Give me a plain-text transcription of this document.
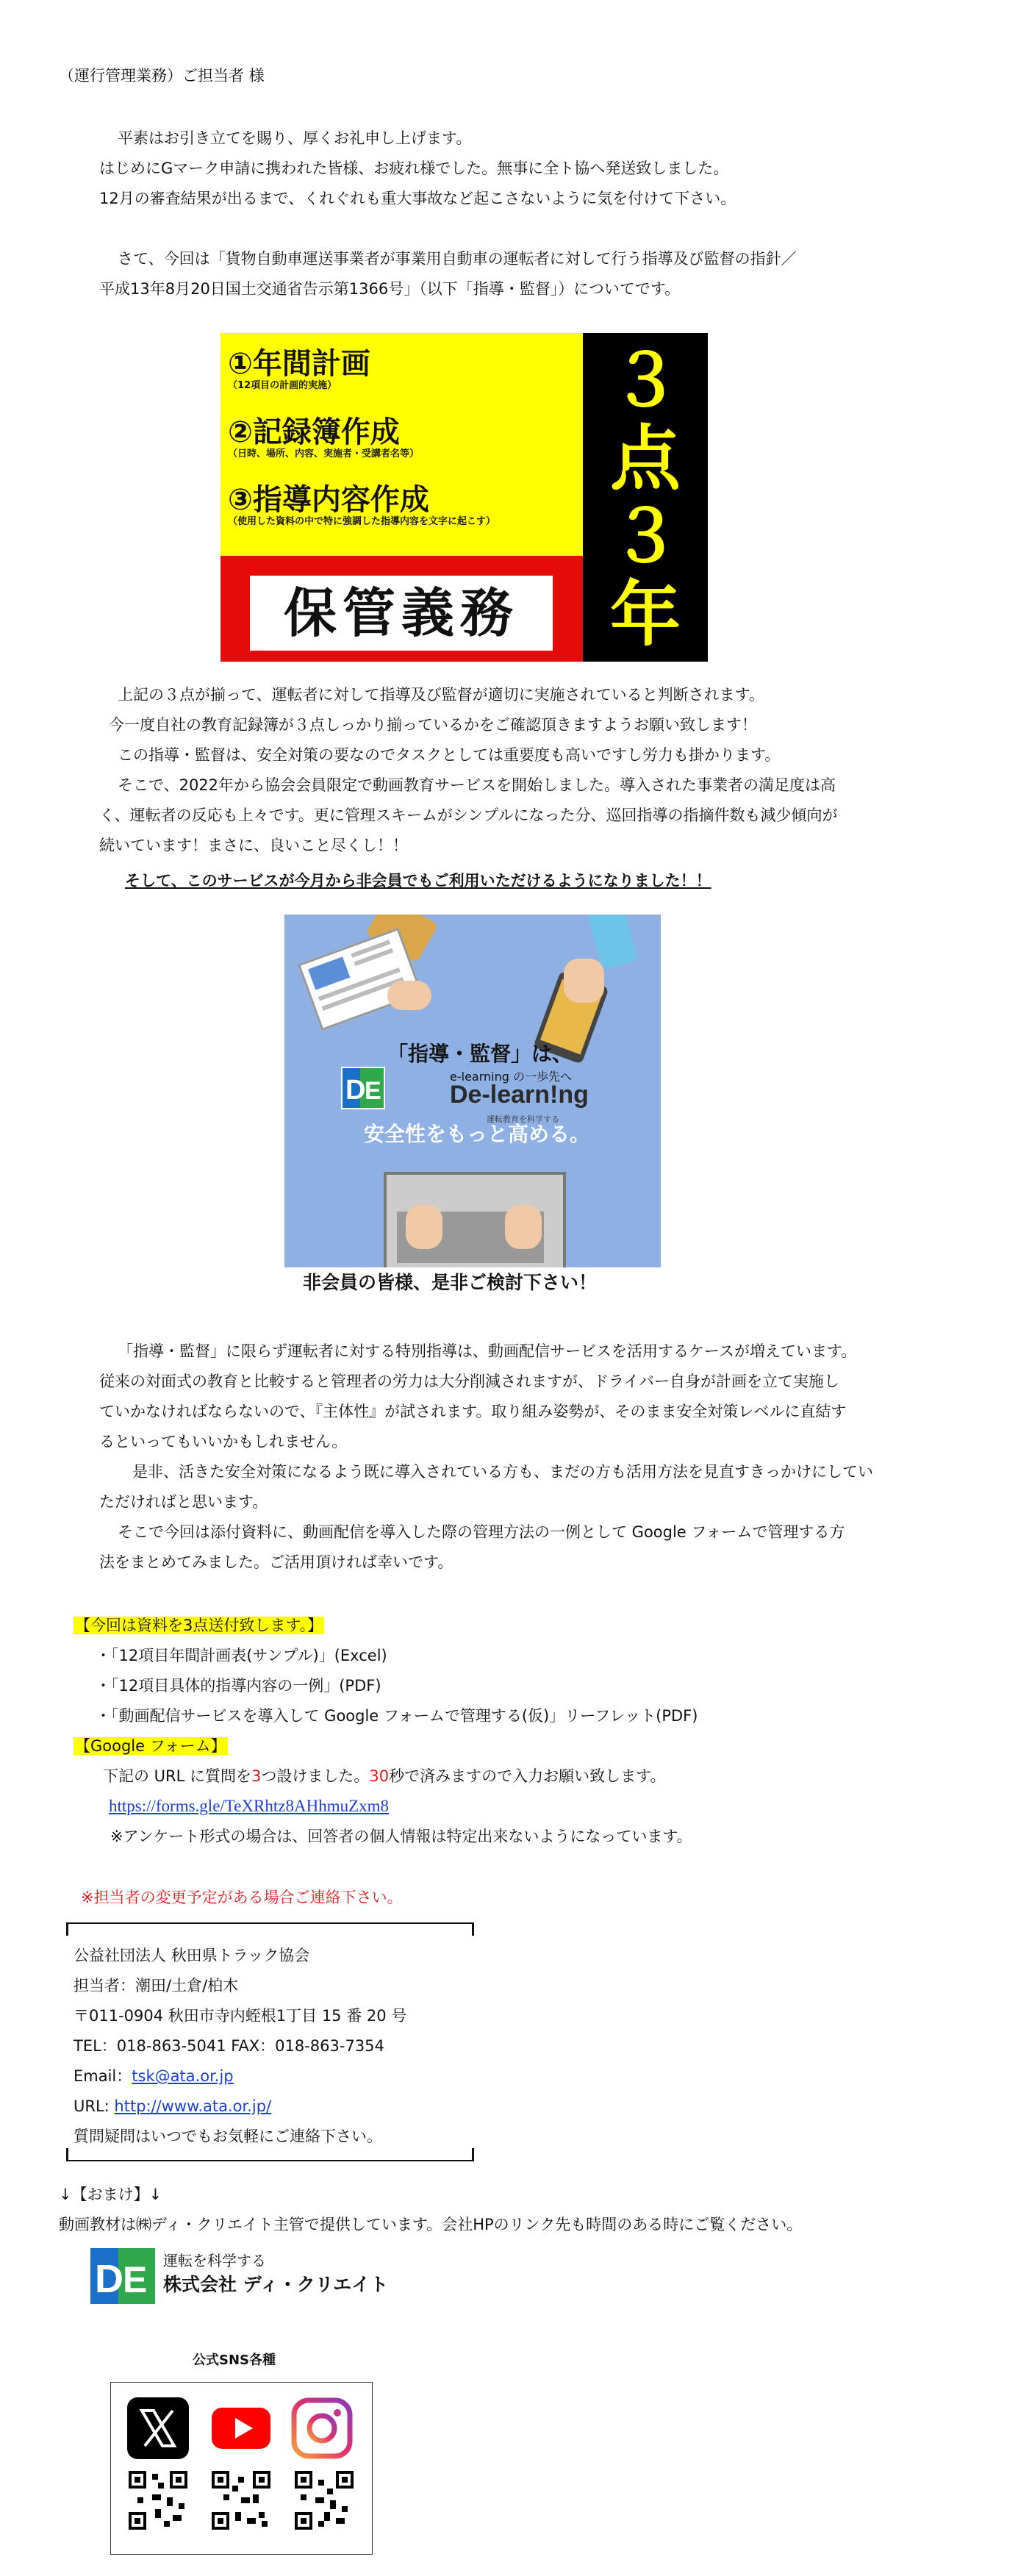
（運行管理業務）ご担当者 様
平素はお引き立てを賜り、厚くお礼申し上げます。
はじめにGマーク申請に携われた皆様、お疲れ様でした。無事に全ト協へ発送致しました。
12月の審査結果が出るまで、くれぐれも重大事故など起こさないように気を付けて下さい。
さて、今回は「貨物自動車運送事業者が事業用自動車の運転者に対して行う指導及び監督の指針／
平成13年8月20日国土交通省告示第1366号」（以下「指導・監督」）についてです。
①年間計画
（12項目の計画的実施）
②記録簿作成
（日時、場所、内容、実施者・受講者名等）
③指導内容作成
（使用した資料の中で特に強調した指導内容を文字に起こす）
保管義務
３
点
３
年
上記の３点が揃って、運転者に対して指導及び監督が適切に実施されていると判断されます。
今一度自社の教育記録簿が３点しっかり揃っているかをご確認頂きますようお願い致します！
この指導・監督は、安全対策の要なのでタスクとしては重要度も高いですし労力も掛かります。
そこで、2022年から協会会員限定で動画教育サービスを開始しました。導入された事業者の満足度は高
く、運転者の反応も上々です。更に管理スキームがシンプルになった分、巡回指導の指摘件数も減少傾向が
続いています！まさに、良いこと尽くし！！
そして、このサービスが今月から非会員でもご利用いただけるようになりました！！
「指導・監督」は、
D
E
e-learning の一歩先へ
De-learn!ng
運転教育を科学する
安全性をもっと高める。
非会員の皆様、是非ご検討下さい！
「指導・監督」に限らず運転者に対する特別指導は、動画配信サービスを活用するケースが増えています。
従来の対面式の教育と比較すると管理者の労力は大分削減されますが、ドライバー自身が計画を立て実施し
ていかなければならないので、『主体性』が試されます。取り組み姿勢が、そのまま安全対策レベルに直結す
るといってもいいかもしれません。
是非、活きた安全対策になるよう既に導入されている方も、まだの方も活用方法を見直すきっかけにしてい
ただければと思います。
そこで今回は添付資料に、動画配信を導入した際の管理方法の一例として Google フォームで管理する方
法をまとめてみました。ご活用頂ければ幸いです。
【今回は資料を3点送付致します。】
・「12項目年間計画表(サンプル)」(Excel)
・「12項目具体的指導内容の一例」(PDF)
・「動画配信サービスを導入して Google フォームで管理する(仮)」リーフレット(PDF)
【Google フォーム】
下記の URL に質問を3つ設けました。30秒で済みますので入力お願い致します。
https://forms.gle/TeXRhtz8AHhmuZxm8
※アンケート形式の場合は、回答者の個人情報は特定出来ないようになっています。
※担当者の変更予定がある場合ご連絡下さい。
公益社団法人 秋田県トラック協会
担当者：潮田/土倉/柏木
〒011-0904 秋田市寺内蛭根1丁目 15 番 20 号
TEL：018-863-5041 FAX：018-863-7354
Email：tsk@ata.or.jp
URL: http://www.ata.or.jp/
質問疑問はいつでもお気軽にご連絡下さい。
↓【おまけ】↓
動画教材は㈱ディ・クリエイト主管で提供しています。会社HPのリンク先も時間のある時にご覧ください。
D E 運転を科学する
株式会社 ディ・クリエイト
公式SNS各種
